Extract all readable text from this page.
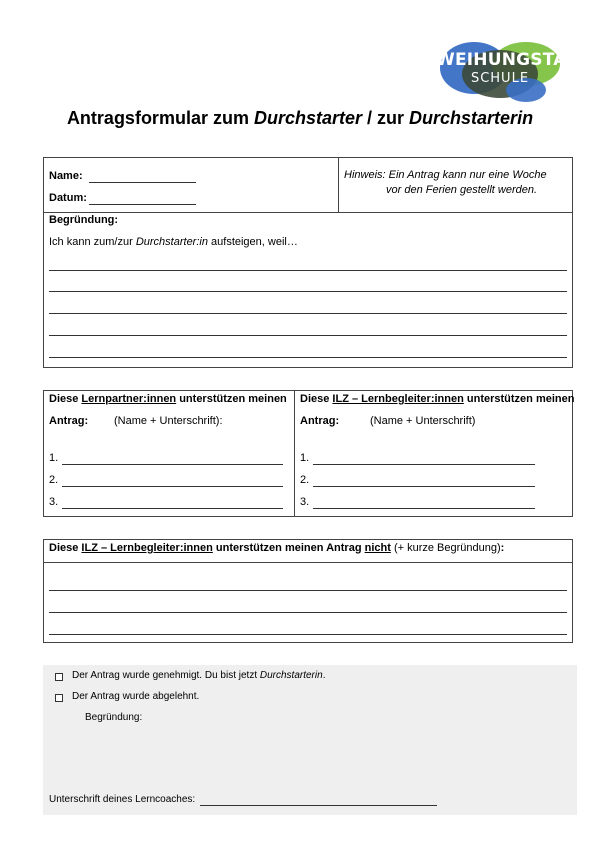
WEIHUNGSTAL
SCHULE
Antragsformular zum Durchstarter / zur Durchstarterin
Name:
Datum:
Hinweis: Ein Antrag kann nur eine Woche
vor den Ferien gestellt werden.
Begründung:
Ich kann zum/zur Durchstarter:in aufsteigen, weil…
Diese Lernpartner:innen unterstützen meinen
Antrag: (Name + Unterschrift):
1.
2.
3.
Diese ILZ – Lernbegleiter:innen unterstützen meinen
Antrag:	(Name + Unterschrift)
1.
2.
3.
Diese ILZ – Lernbegleiter:innen unterstützen meinen Antrag nicht (+ kurze Begründung):
Der Antrag wurde genehmigt. Du bist jetzt Durchstarterin.
Der Antrag wurde abgelehnt.
Begründung:
Unterschrift deines Lerncoaches:
